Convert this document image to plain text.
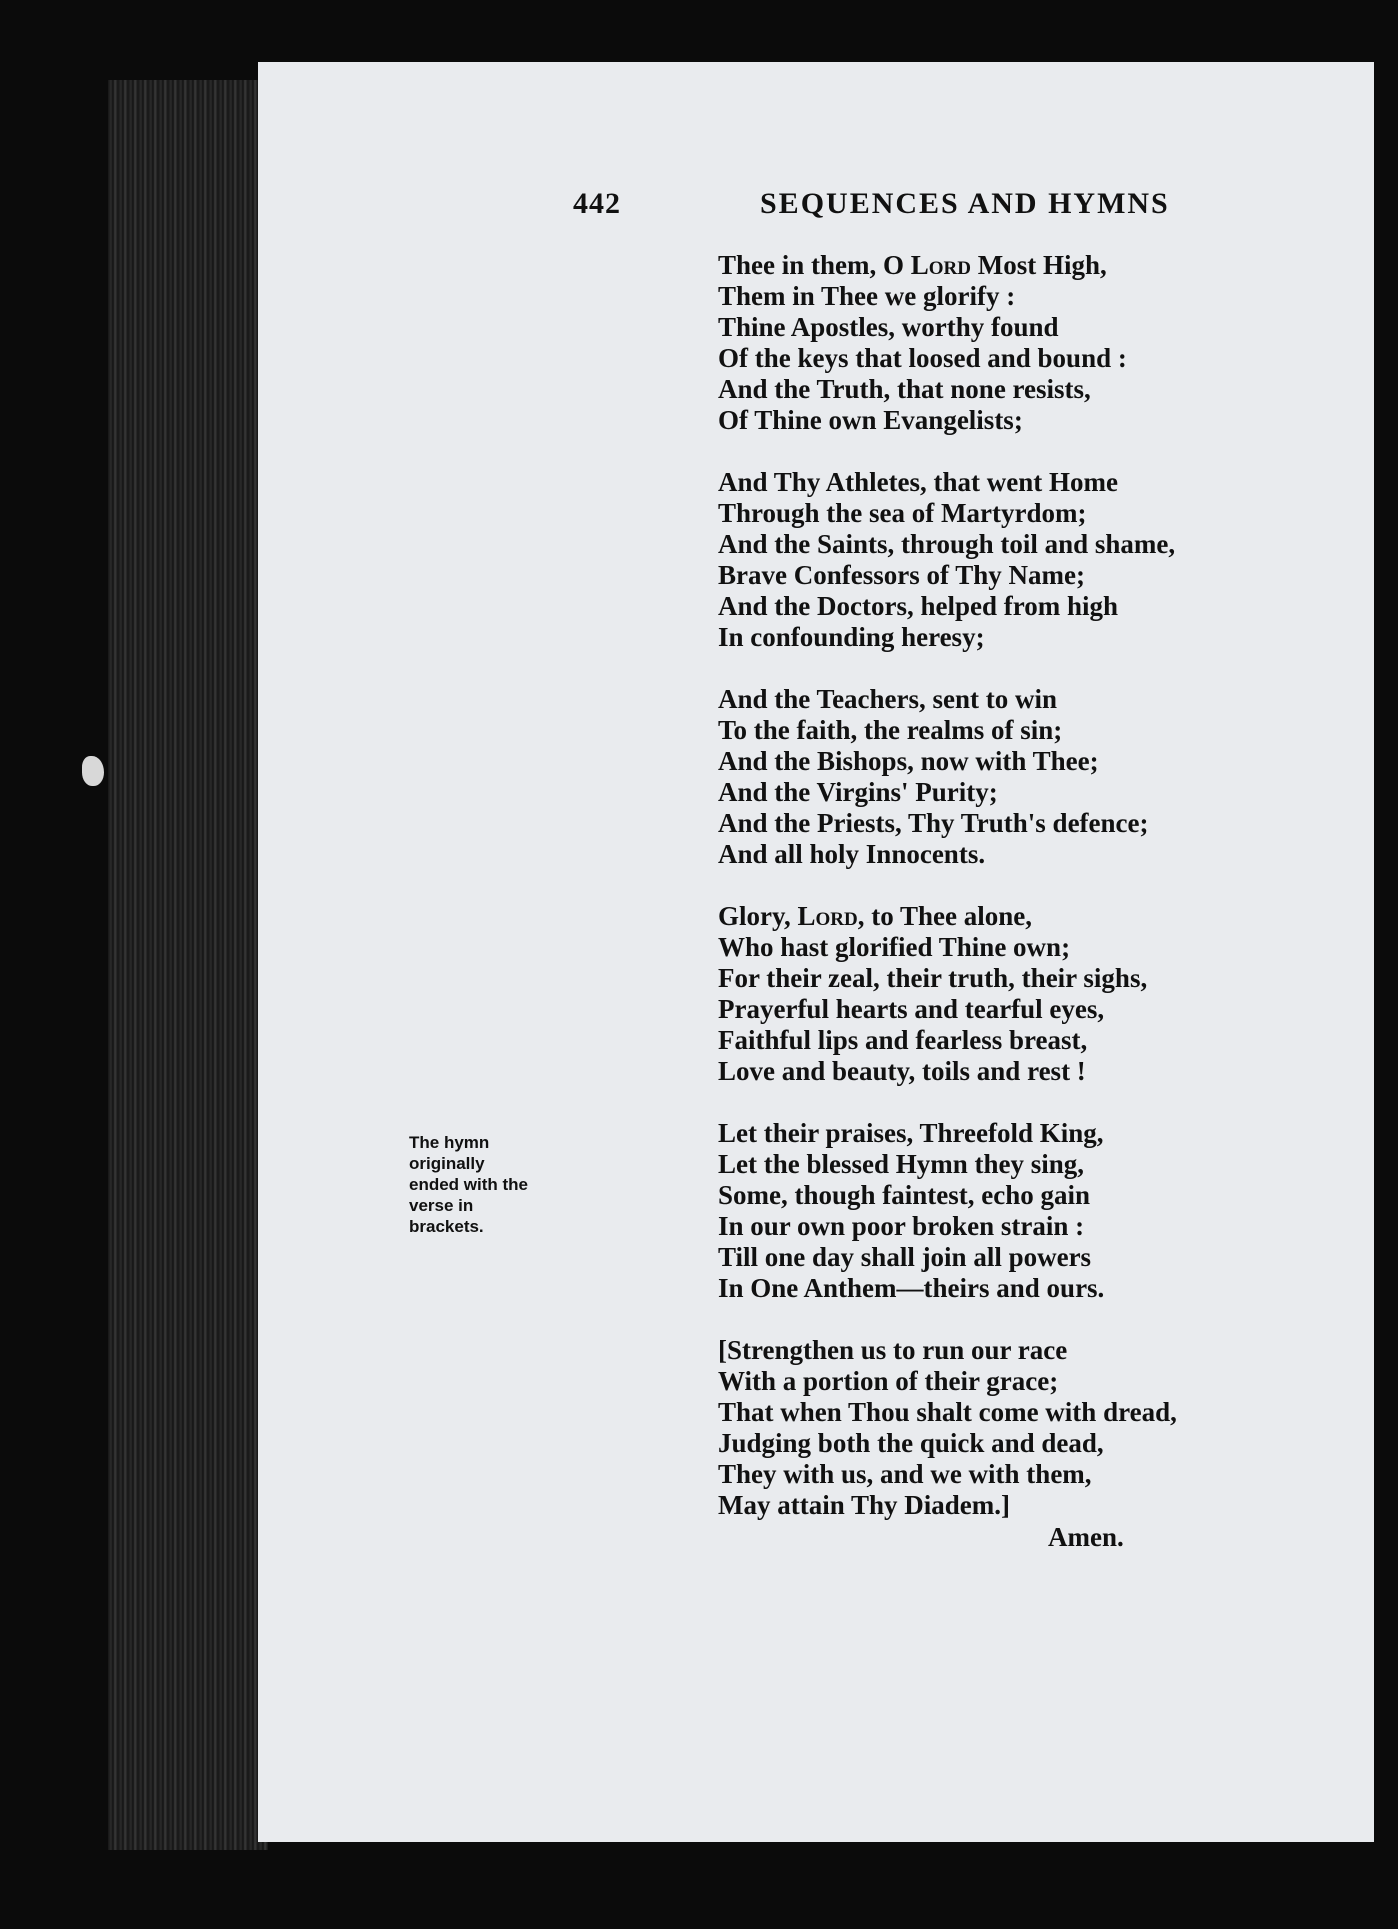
442	SEQUENCES AND HYMNS
The hymn
originally
ended with the
verse in
brackets.
Thee in them, O Lord Most High,
Them in Thee we glorify :
Thine Apostles, worthy found
Of the keys that loosed and bound :
And the Truth, that none resists,
Of Thine own Evangelists;
And Thy Athletes, that went Home
Through the sea of Martyrdom;
And the Saints, through toil and shame,
Brave Confessors of Thy Name;
And the Doctors, helped from high
In confounding heresy;
And the Teachers, sent to win
To the faith, the realms of sin;
And the Bishops, now with Thee;
And the Virgins' Purity;
And the Priests, Thy Truth's defence;
And all holy Innocents.
Glory, Lord, to Thee alone,
Who hast glorified Thine own;
For their zeal, their truth, their sighs,
Prayerful hearts and tearful eyes,
Faithful lips and fearless breast,
Love and beauty, toils and rest !
Let their praises, Threefold King,
Let the blessed Hymn they sing,
Some, though faintest, echo gain
In our own poor broken strain :
Till one day shall join all powers
In One Anthem—theirs and ours.
[Strengthen us to run our race
With a portion of their grace;
That when Thou shalt come with dread,
Judging both the quick and dead,
They with us, and we with them,
May attain Thy Diadem.]
Amen.
